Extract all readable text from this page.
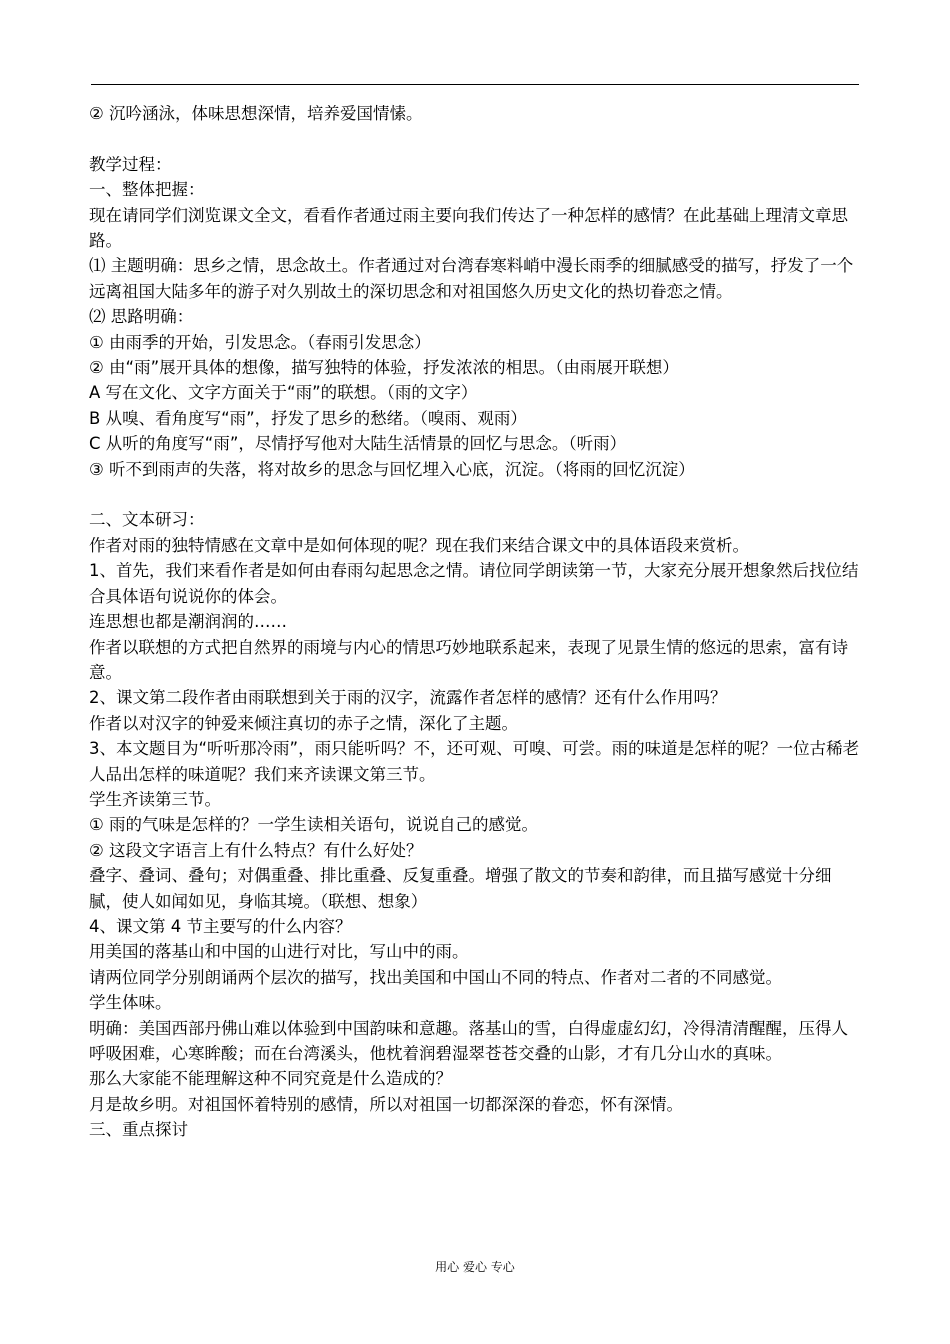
② 沉吟涵泳，体味思想深情，培养爱国情愫。

教学过程：

一、整体把握：

现在请同学们浏览课文全文，看看作者通过雨主要向我们传达了一种怎样的感情？在此基础上理清文章思路。

⑴ 主题明确：思乡之情，思念故土。作者通过对台湾春寒料峭中漫长雨季的细腻感受的描写，抒发了一个远离祖国大陆多年的游子对久别故土的深切思念和对祖国悠久历史文化的热切眷恋之情。

⑵ 思路明确：

① 由雨季的开始，引发思念。（春雨引发思念）

② 由“雨”展开具体的想像，描写独特的体验，抒发浓浓的相思。（由雨展开联想）

A 写在文化、文字方面关于“雨”的联想。（雨的文字）

B 从嗅、看角度写“雨”，抒发了思乡的愁绪。（嗅雨、观雨）

C 从听的角度写“雨”，尽情抒写他对大陆生活情景的回忆与思念。（听雨）

③ 听不到雨声的失落，将对故乡的思念与回忆埋入心底，沉淀。（将雨的回忆沉淀）

二、文本研习：

作者对雨的独特情感在文章中是如何体现的呢？现在我们来结合课文中的具体语段来赏析。

1、首先，我们来看作者是如何由春雨勾起思念之情。请位同学朗读第一节，大家充分展开想象然后找位结合具体语句说说你的体会。

连思想也都是潮润润的……

作者以联想的方式把自然界的雨境与内心的情思巧妙地联系起来，表现了见景生情的悠远的思索，富有诗意。

2、课文第二段作者由雨联想到关于雨的汉字，流露作者怎样的感情？还有什么作用吗？

作者以对汉字的钟爱来倾注真切的赤子之情，深化了主题。

3、本文题目为“听听那冷雨”，雨只能听吗？不，还可观、可嗅、可尝。雨的味道是怎样的呢？一位古稀老人品出怎样的味道呢？我们来齐读课文第三节。

学生齐读第三节。

① 雨的气味是怎样的？一学生读相关语句，说说自己的感觉。

② 这段文字语言上有什么特点？有什么好处？

叠字、叠词、叠句；对偶重叠、排比重叠、反复重叠。增强了散文的节奏和韵律，而且描写感觉十分细腻，使人如闻如见，身临其境。（联想、想象）

4、课文第 4 节主要写的什么内容？

用美国的落基山和中国的山进行对比，写山中的雨。

请两位同学分别朗诵两个层次的描写，找出美国和中国山不同的特点、作者对二者的不同感觉。

学生体味。

明确：美国西部丹佛山难以体验到中国韵味和意趣。落基山的雪，白得虚虚幻幻，冷得清清醒醒，压得人呼吸困难，心寒眸酸；而在台湾溪头，他枕着润碧湿翠苍苍交叠的山影，才有几分山水的真味。

那么大家能不能理解这种不同究竟是什么造成的？

月是故乡明。对祖国怀着特别的感情，所以对祖国一切都深深的眷恋，怀有深情。

三、重点探讨

用心 爱心 专心
